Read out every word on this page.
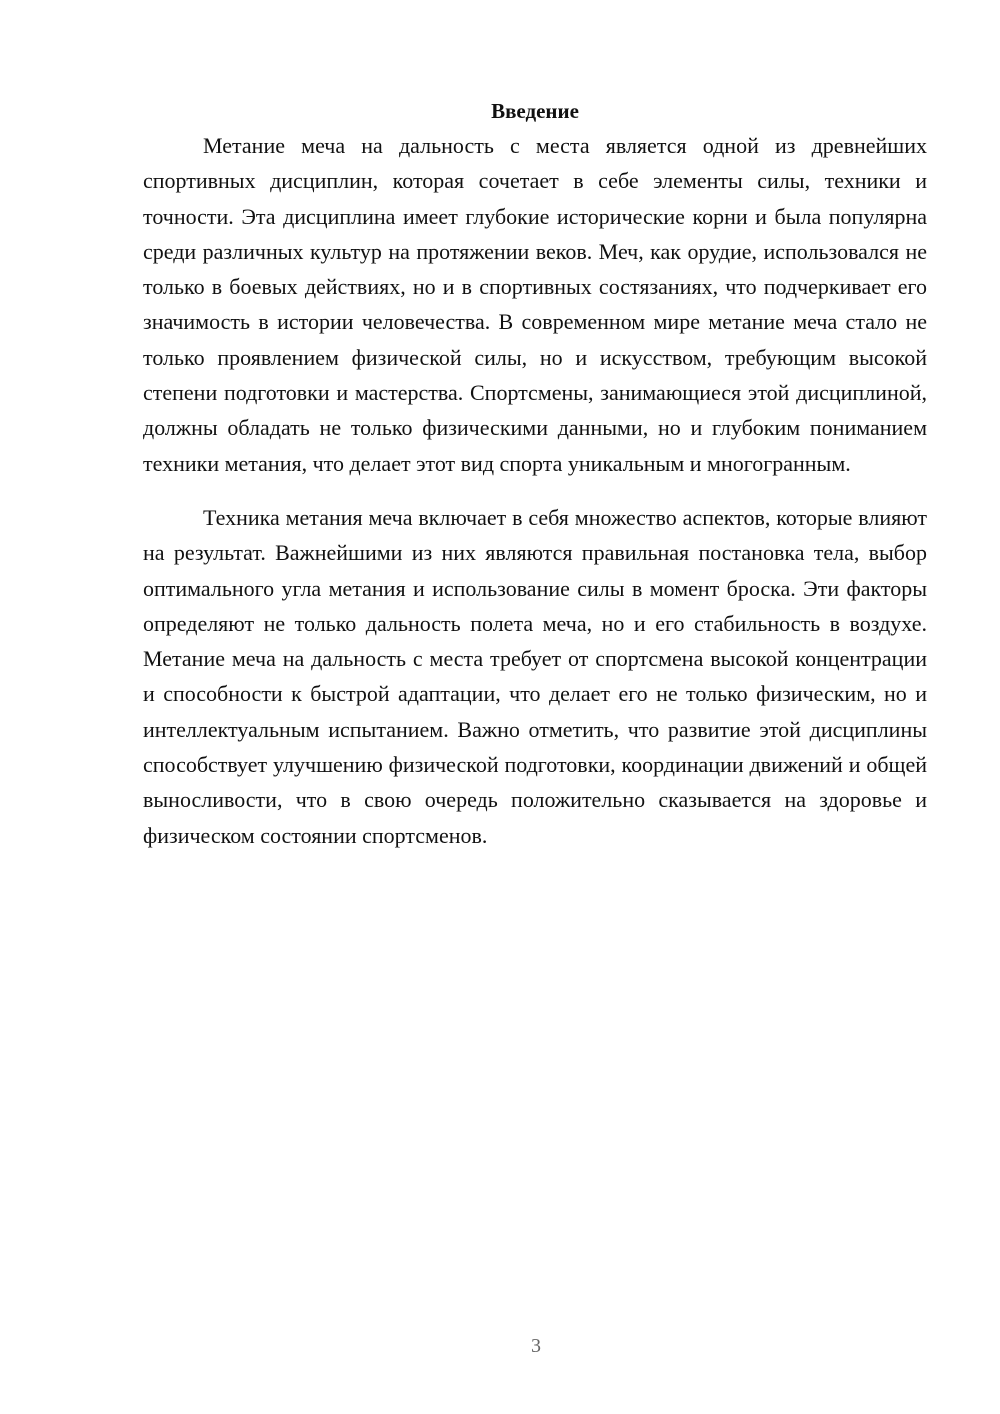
Введение

Метание меча на дальность с места является одной из древнейших спортивных дисциплин, которая сочетает в себе элементы силы, техники и точности. Эта дисциплина имеет глубокие исторические корни и была популярна среди различных культур на протяжении веков. Меч, как орудие, использовался не только в боевых действиях, но и в спортивных состязаниях, что подчеркивает его значимость в истории человечества. В современном мире метание меча стало не только проявлением физической силы, но и искусством, требующим высокой степени подготовки и мастерства. Спортсмены, занимающиеся этой дисциплиной, должны обладать не только физическими данными, но и глубоким пониманием техники метания, что делает этот вид спорта уникальным и многогранным.

Техника метания меча включает в себя множество аспектов, которые влияют на результат. Важнейшими из них являются правильная постановка тела, выбор оптимального угла метания и использование силы в момент броска. Эти факторы определяют не только дальность полета меча, но и его стабильность в воздухе. Метание меча на дальность с места требует от спортсмена высокой концентрации и способности к быстрой адаптации, что делает его не только физическим, но и интеллектуальным испытанием. Важно отметить, что развитие этой дисциплины способствует улучшению физической подготовки, координации движений и общей выносливости, что в свою очередь положительно сказывается на здоровье и физическом состоянии спортсменов.

3
